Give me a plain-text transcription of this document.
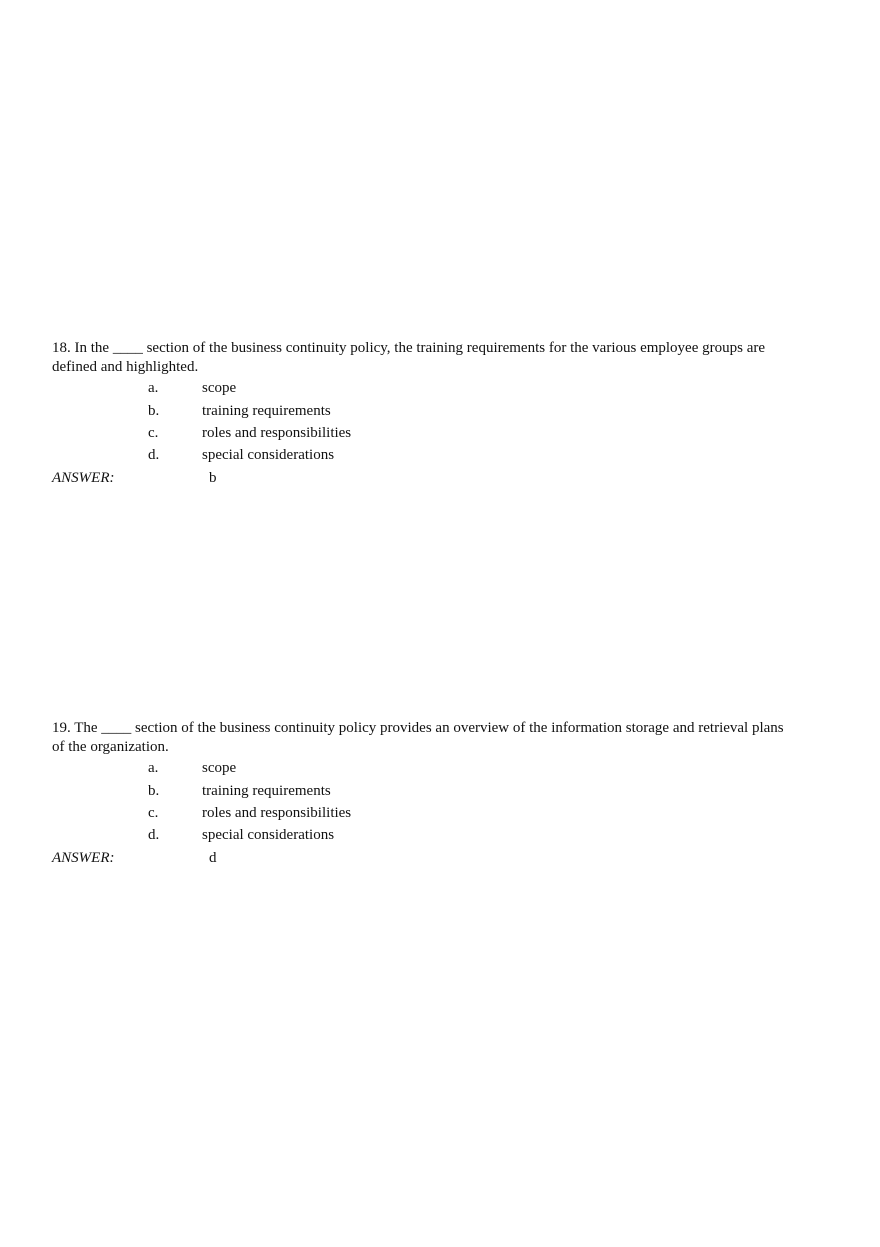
18. In the ____ section of the business continuity policy, the training requirements for the various employee groups are
defined and highlighted.
a.	scope
b.	training requirements
c.	roles and responsibilities
d.	special considerations
ANSWER:	b
19. The ____ section of the business continuity policy provides an overview of the information storage and retrieval plans
of the organization.
a.	scope
b.	training requirements
c.	roles and responsibilities
d.	special considerations
ANSWER:	d
